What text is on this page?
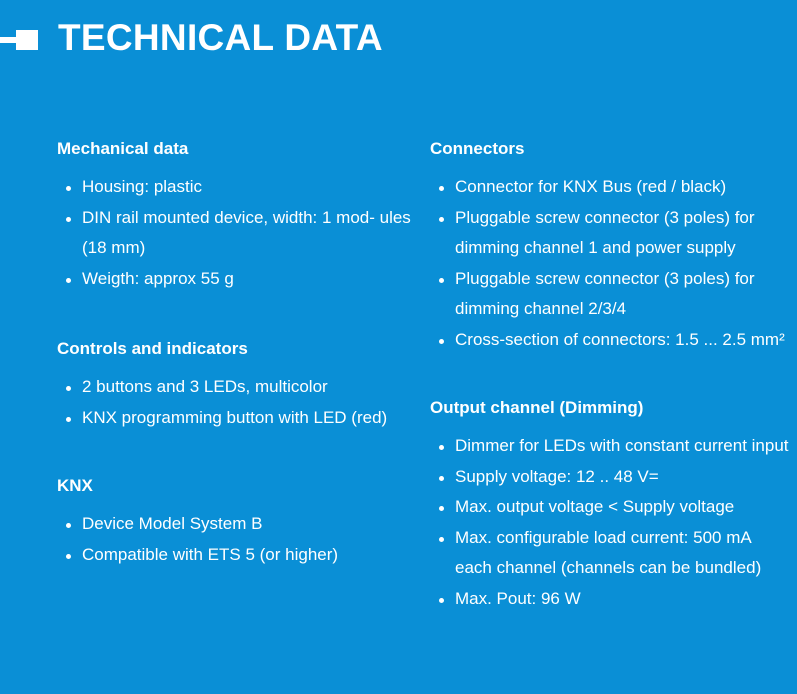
TECHNICAL DATA
Mechanical data
Housing: plastic
DIN rail mounted device, width: 1 mod- ules (18 mm)
Weigth: approx 55 g
Controls and indicators
2 buttons and 3 LEDs, multicolor
KNX programming button with LED (red)
KNX
Device Model System B
Compatible with ETS 5 (or higher)
Connectors
Connector for KNX Bus (red / black)
Pluggable screw connector (3 poles) for dimming channel 1 and power supply
Pluggable screw connector (3 poles) for dimming channel 2/3/4
Cross-section of connectors: 1.5 ... 2.5 mm²
Output channel (Dimming)
Dimmer for LEDs with constant current input
Supply voltage: 12 .. 48 V=
Max. output voltage < Supply voltage
Max. configurable load current: 500 mA each channel (channels can be bundled)
Max. Pout: 96 W
